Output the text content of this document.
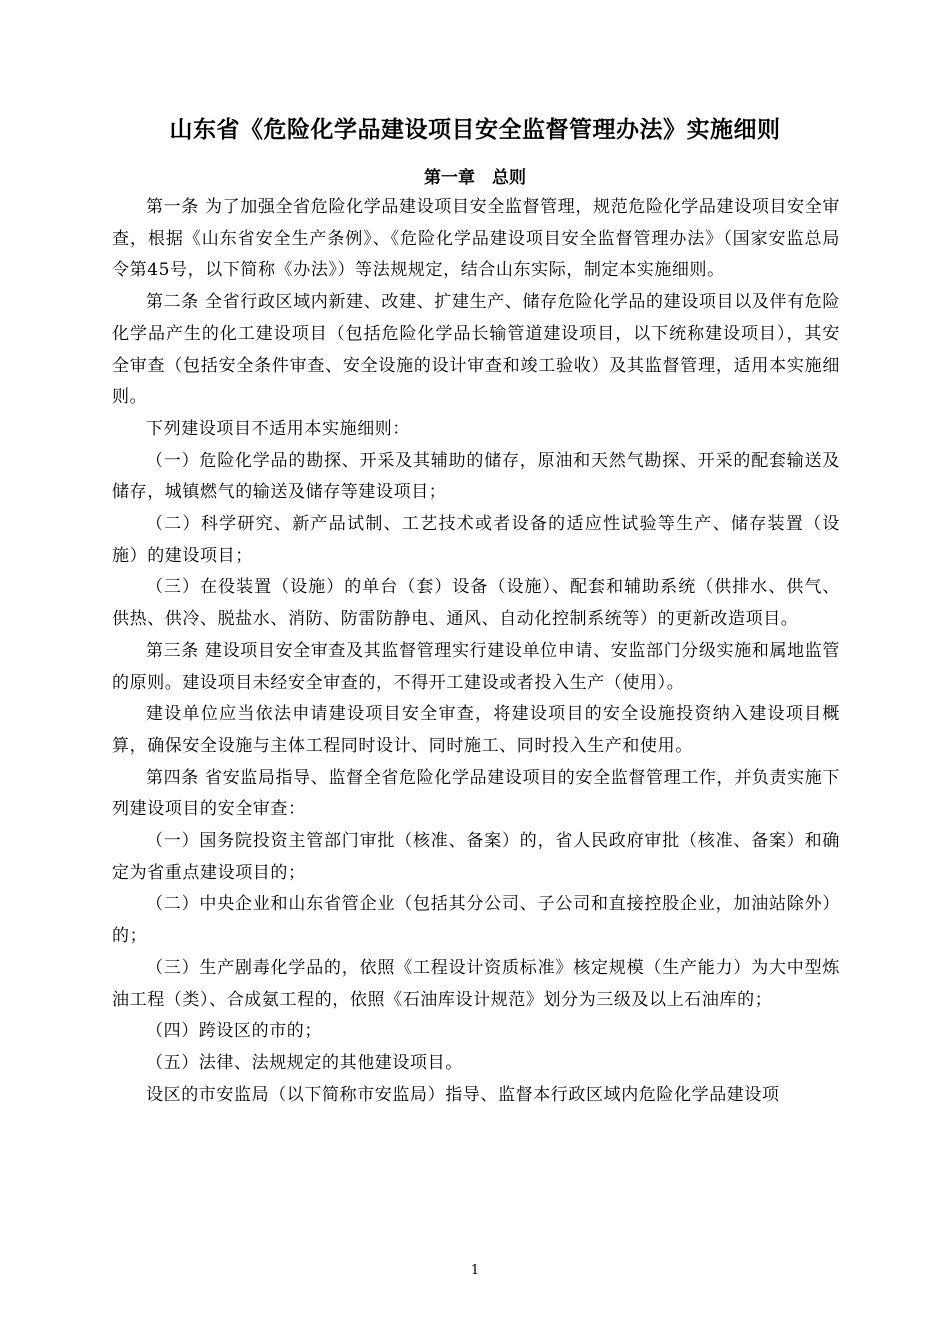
山东省《危险化学品建设项目安全监督管理办法》实施细则
第一章　总则

第一条 为了加强全省危险化学品建设项目安全监督管理，规范危险化学品建设项目安全审查，根据《山东省安全生产条例》、《危险化学品建设项目安全监督管理办法》（国家安监总局令第45号，以下简称《办法》）等法规规定，结合山东实际，制定本实施细则。

第二条 全省行政区域内新建、改建、扩建生产、储存危险化学品的建设项目以及伴有危险化学品产生的化工建设项目（包括危险化学品长输管道建设项目，以下统称建设项目），其安全审查（包括安全条件审查、安全设施的设计审查和竣工验收）及其监督管理，适用本实施细则。

下列建设项目不适用本实施细则：

（一）危险化学品的勘探、开采及其辅助的储存，原油和天然气勘探、开采的配套输送及储存，城镇燃气的输送及储存等建设项目；

（二）科学研究、新产品试制、工艺技术或者设备的适应性试验等生产、储存装置（设施）的建设项目；

（三）在役装置（设施）的单台（套）设备（设施）、配套和辅助系统（供排水、供气、供热、供冷、脱盐水、消防、防雷防静电、通风、自动化控制系统等）的更新改造项目。

第三条 建设项目安全审查及其监督管理实行建设单位申请、安监部门分级实施和属地监管的原则。建设项目未经安全审查的，不得开工建设或者投入生产（使用）。

建设单位应当依法申请建设项目安全审查，将建设项目的安全设施投资纳入建设项目概算，确保安全设施与主体工程同时设计、同时施工、同时投入生产和使用。

第四条 省安监局指导、监督全省危险化学品建设项目的安全监督管理工作，并负责实施下列建设项目的安全审查：

（一）国务院投资主管部门审批（核准、备案）的，省人民政府审批（核准、备案）和确定为省重点建设项目的；

（二）中央企业和山东省管企业（包括其分公司、子公司和直接控股企业，加油站除外）的；

（三）生产剧毒化学品的，依照《工程设计资质标准》核定规模（生产能力）为大中型炼油工程（类）、合成氨工程的，依照《石油库设计规范》划分为三级及以上石油库的；

（四）跨设区的市的；

（五）法律、法规规定的其他建设项目。

设区的市安监局（以下简称市安监局）指导、监督本行政区域内危险化学品建设项

1
